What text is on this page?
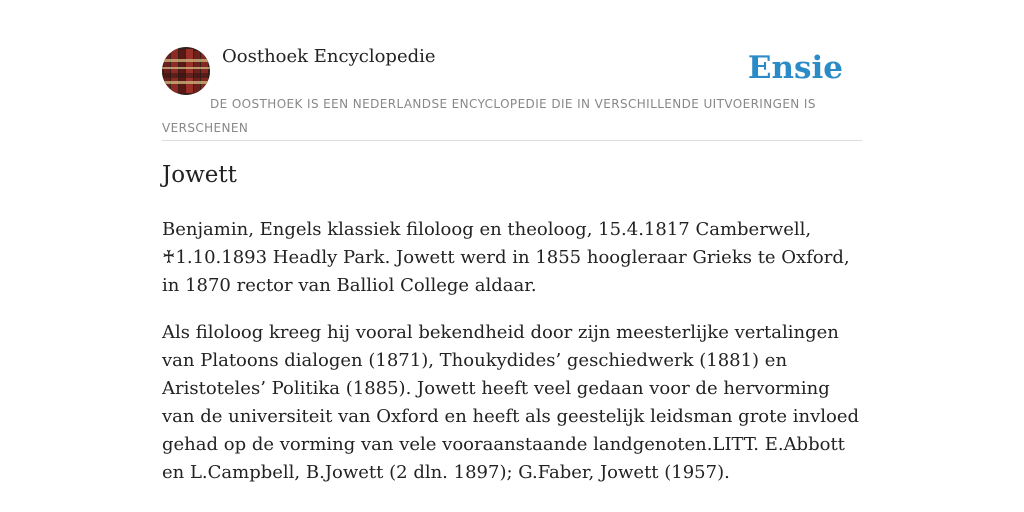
Oosthoek Encyclopedie	Ensie
DE OOSTHOEK IS EEN NEDERLANDSE ENCYCLOPEDIE DIE IN VERSCHILLENDE UITVOERINGEN IS VERSCHENEN
Jowett

Benjamin, Engels klassiek filoloog en theoloog, 15.4.1817 Camberwell, ♰1.10.1893 Headly Park. Jowett werd in 1855 hoogleraar Grieks te Oxford, in 1870 rector van Balliol College aldaar.

Als filoloog kreeg hij vooral bekendheid door zijn meesterlijke vertalingen van Platoons dialogen (1871), Thoukydides’ geschiedwerk (1881) en Aristoteles’ Politika (1885). Jowett heeft veel gedaan voor de hervorming van de universiteit van Oxford en heeft als geestelijk leidsman grote invloed gehad op de vorming van vele vooraanstaande landgenoten.LITT. E.Abbott en L.Campbell, B.Jowett (2 dln. 1897); G.Faber, Jowett (1957).
